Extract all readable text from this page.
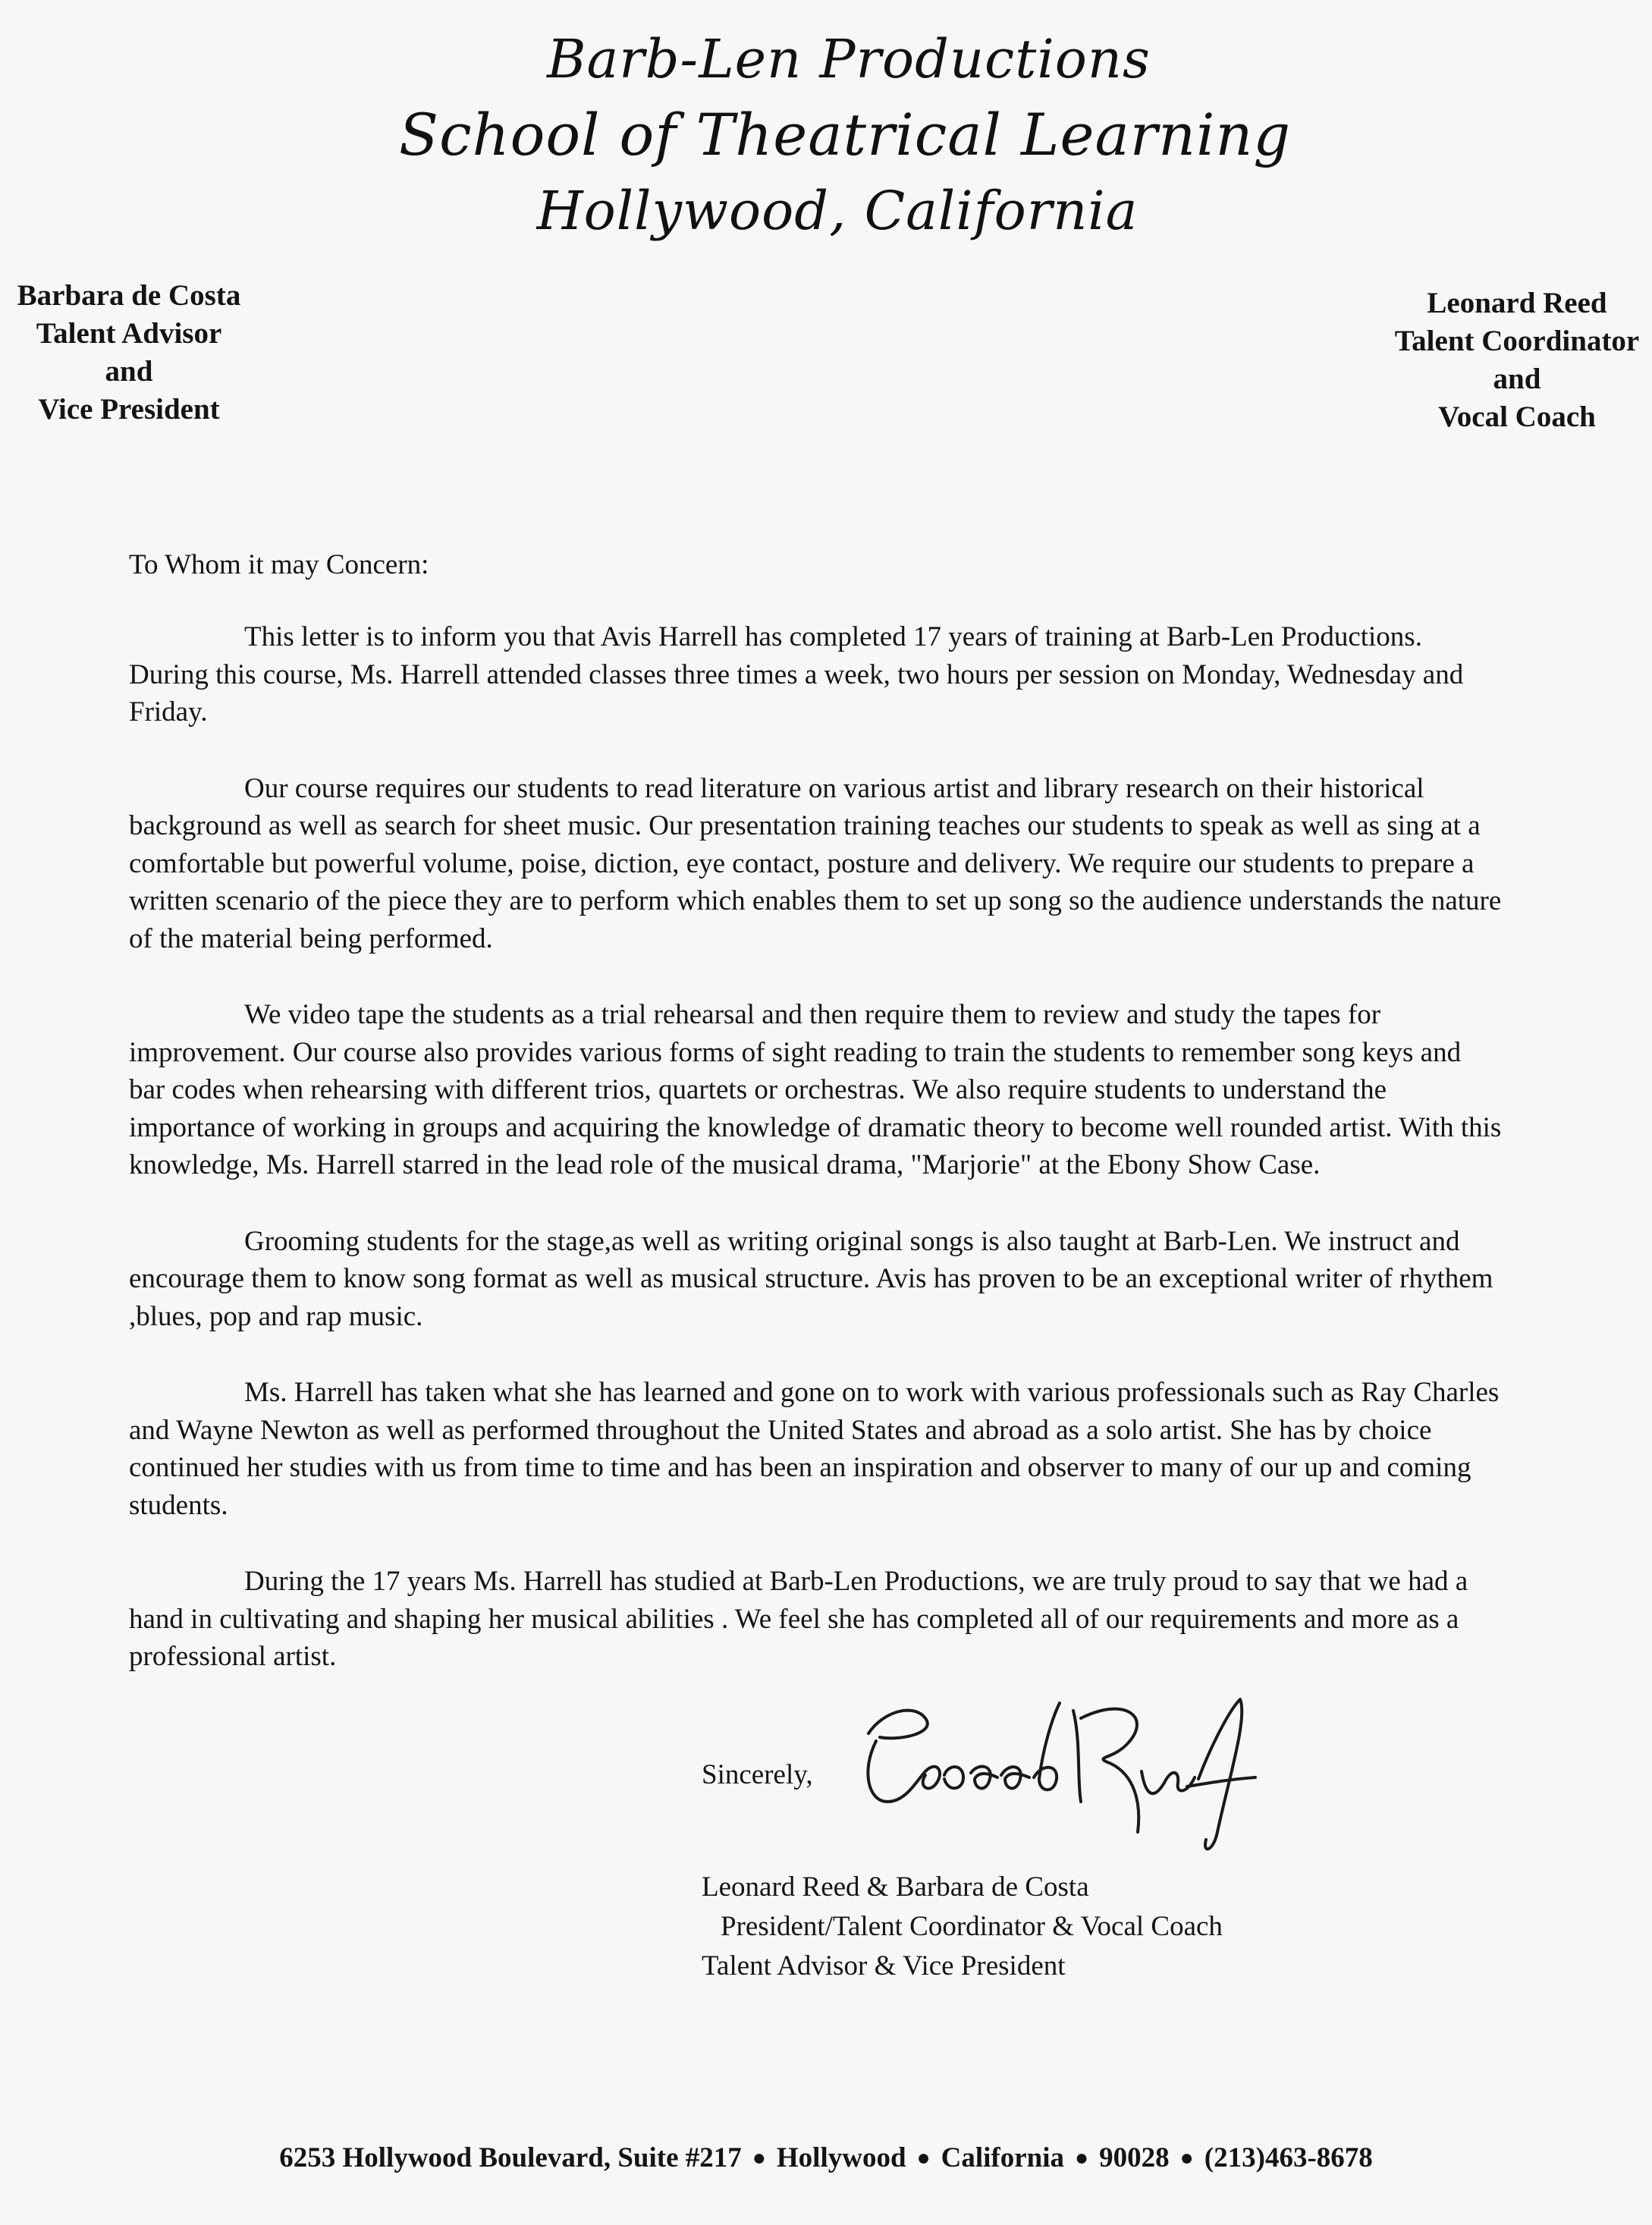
Barb-Len Productions
School of Theatrical Learning
Hollywood, California
Barbara de Costa
Talent Advisor
and
Vice President
Leonard Reed
Talent Coordinator
and
Vocal Coach
To Whom it may Concern:

This letter is to inform you that Avis Harrell has completed 17 years of training at Barb-Len Productions. During this course, Ms. Harrell attended classes three times a week, two hours per session on Monday, Wednesday and Friday.

Our course requires our students to read literature on various artist and library research on their historical background as well as search for sheet music. Our presentation training teaches our students to speak as well as sing at a comfortable but powerful volume, poise, diction, eye contact, posture and delivery. We require our students to prepare a written scenario of the piece they are to perform which enables them to set up song so the audience understands the nature of the material being performed.

We video tape the students as a trial rehearsal and then require them to review and study the tapes for improvement. Our course also provides various forms of sight reading to train the students to remember song keys and bar codes when rehearsing with different trios, quartets or orchestras. We also require students to understand the importance of working in groups and acquiring the knowledge of dramatic theory to become well rounded artist. With this knowledge, Ms. Harrell starred in the lead role of the musical drama, "Marjorie" at the Ebony Show Case.

Grooming students for the stage,as well as writing original songs is also taught at Barb-Len. We instruct and encourage them to know song format as well as musical structure. Avis has proven to be an exceptional writer of rhythem ,blues, pop and rap music.

Ms. Harrell has taken what she has learned and gone on to work with various professionals such as Ray Charles and Wayne Newton as well as performed throughout the United States and abroad as a solo artist. She has by choice continued her studies with us from time to time and has been an inspiration and observer to many of our up and coming students.

During the 17 years Ms. Harrell has studied at Barb-Len Productions, we are truly proud to say that we had a hand in cultivating and shaping her musical abilities . We feel she has completed all of our requirements and more as a professional artist.

Sincerely,
Leonard Reed & Barbara de Costa
President/Talent Coordinator & Vocal Coach
Talent Advisor & Vice President
6253 Hollywood Boulevard, Suite #217 ● Hollywood ● California ● 90028 ● (213)463-8678
